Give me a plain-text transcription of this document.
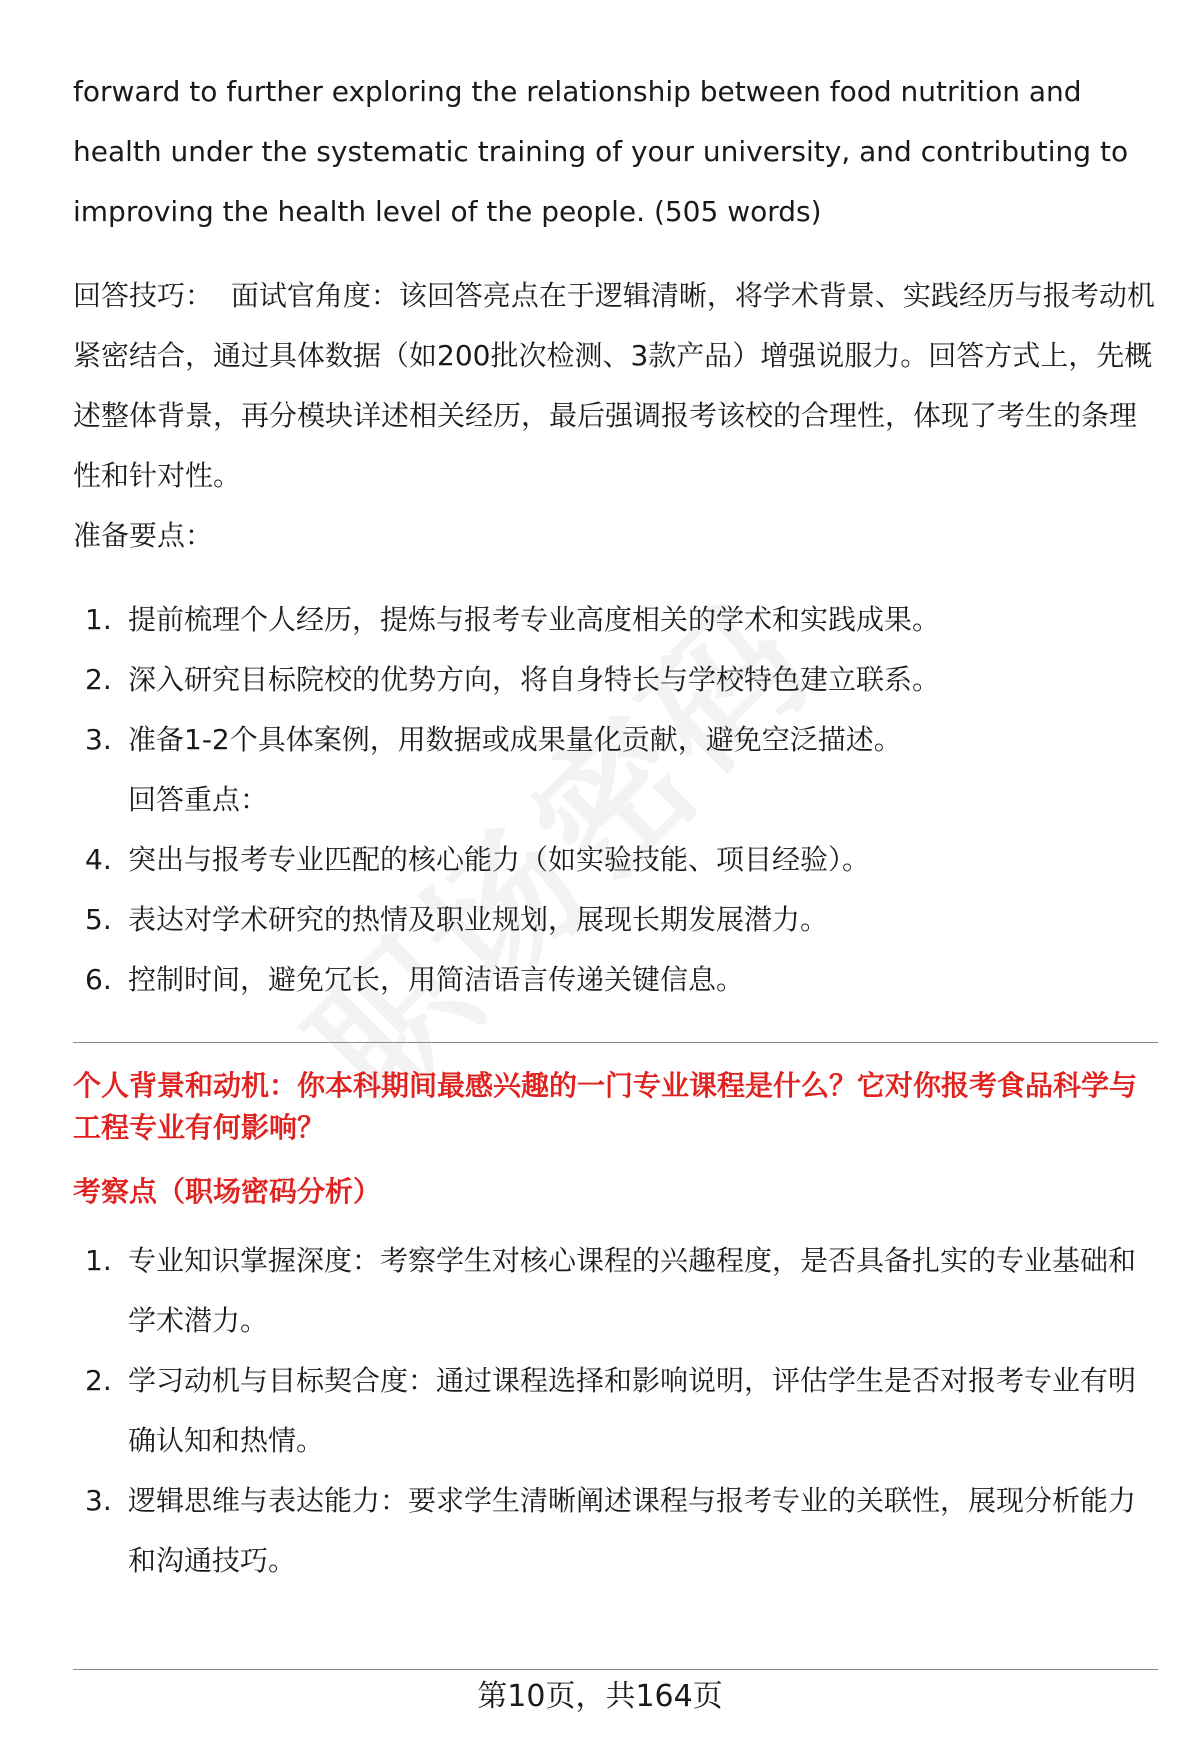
forward to further exploring the relationship between food nutrition and health under the systematic training of your university, and contributing to improving the health level of the people. (505 words)

回答技巧： 面试官角度：该回答亮点在于逻辑清晰，将学术背景、实践经历与报考动机紧密结合，通过具体数据（如200批次检测、3款产品）增强说服力。回答方式上，先概述整体背景，再分模块详述相关经历，最后强调报考该校的合理性，体现了考生的条理性和针对性。

准备要点：

1. 提前梳理个人经历，提炼与报考专业高度相关的学术和实践成果。
2. 深入研究目标院校的优势方向，将自身特长与学校特色建立联系。
3. 准备1-2个具体案例，用数据或成果量化贡献，避免空泛描述。
回答重点：
4. 突出与报考专业匹配的核心能力（如实验技能、项目经验）。
5. 表达对学术研究的热情及职业规划，展现长期发展潜力。
6. 控制时间，避免冗长，用简洁语言传递关键信息。

个人背景和动机：你本科期间最感兴趣的一门专业课程是什么？它对你报考食品科学与工程专业有何影响？

考察点（职场密码分析）

1. 专业知识掌握深度：考察学生对核心课程的兴趣程度，是否具备扎实的专业基础和学术潜力。
2. 学习动机与目标契合度：通过课程选择和影响说明，评估学生是否对报考专业有明确认知和热情。
3. 逻辑思维与表达能力：要求学生清晰阐述课程与报考专业的关联性，展现分析能力和沟通技巧。
第10页，共164页
